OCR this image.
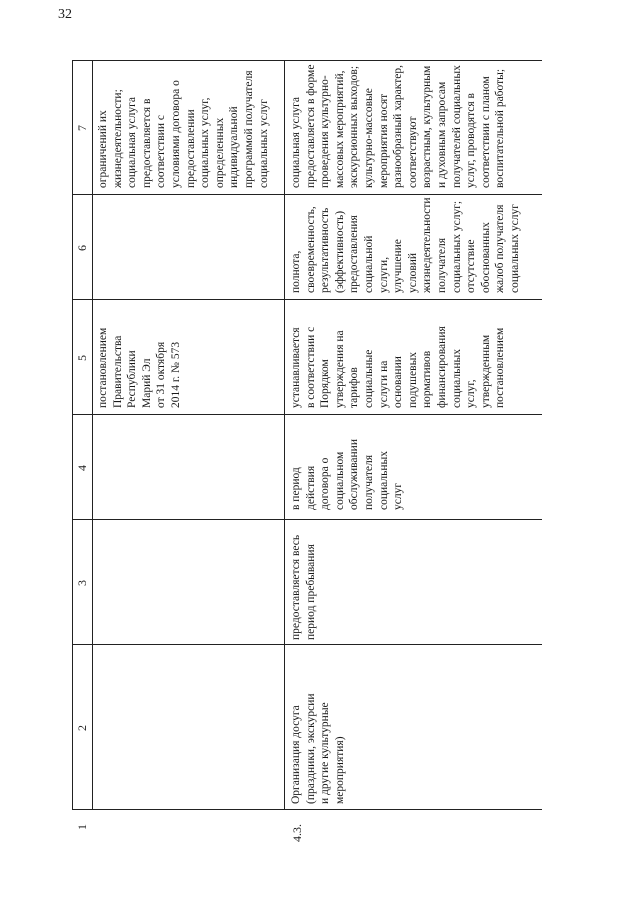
32
1
2
3
4
5
6
7
постановлением
Правительства
Республики
Марий Эл
от 31 октября
2014 г. № 573
ограничений их
жизнедеятельности;
социальная услуга
предоставляется в
соответствии с
условиями договора о
предоставлении
социальных услуг,
определенных
индивидуальной
программой получателя
социальных услуг
4.3.
Организация досуга
(праздники, экскурсии
и другие культурные
мероприятия)
предоставляется весь
период пребывания
в период
действия
договора о
социальном
обслуживании
получателя
социальных
услуг
устанавливается
в соответствии с
Порядком
утверждения на
тарифов
социальные
услуги на
основании
подушевых
нормативов
финансирования
социальных
услуг,
утвержденным
постановлением
полнота,
своевременность,
результативность
(эффективность)
предоставления
социальной услуги,
улучшение условий
жизнедеятельности
получателя
социальных услуг;
отсутствие
обоснованных
жалоб получателя
социальных услуг
социальная услуга
предоставляется в форме
проведения культурно-
массовых мероприятий,
экскурсионных выходов;
культурно-массовые
мероприятия носят
разнообразный характер,
соответствуют
возрастным, культурным
и духовным запросам
получателей социальных
услуг, проводятся в
соответствии с планом
воспитательной работы;
